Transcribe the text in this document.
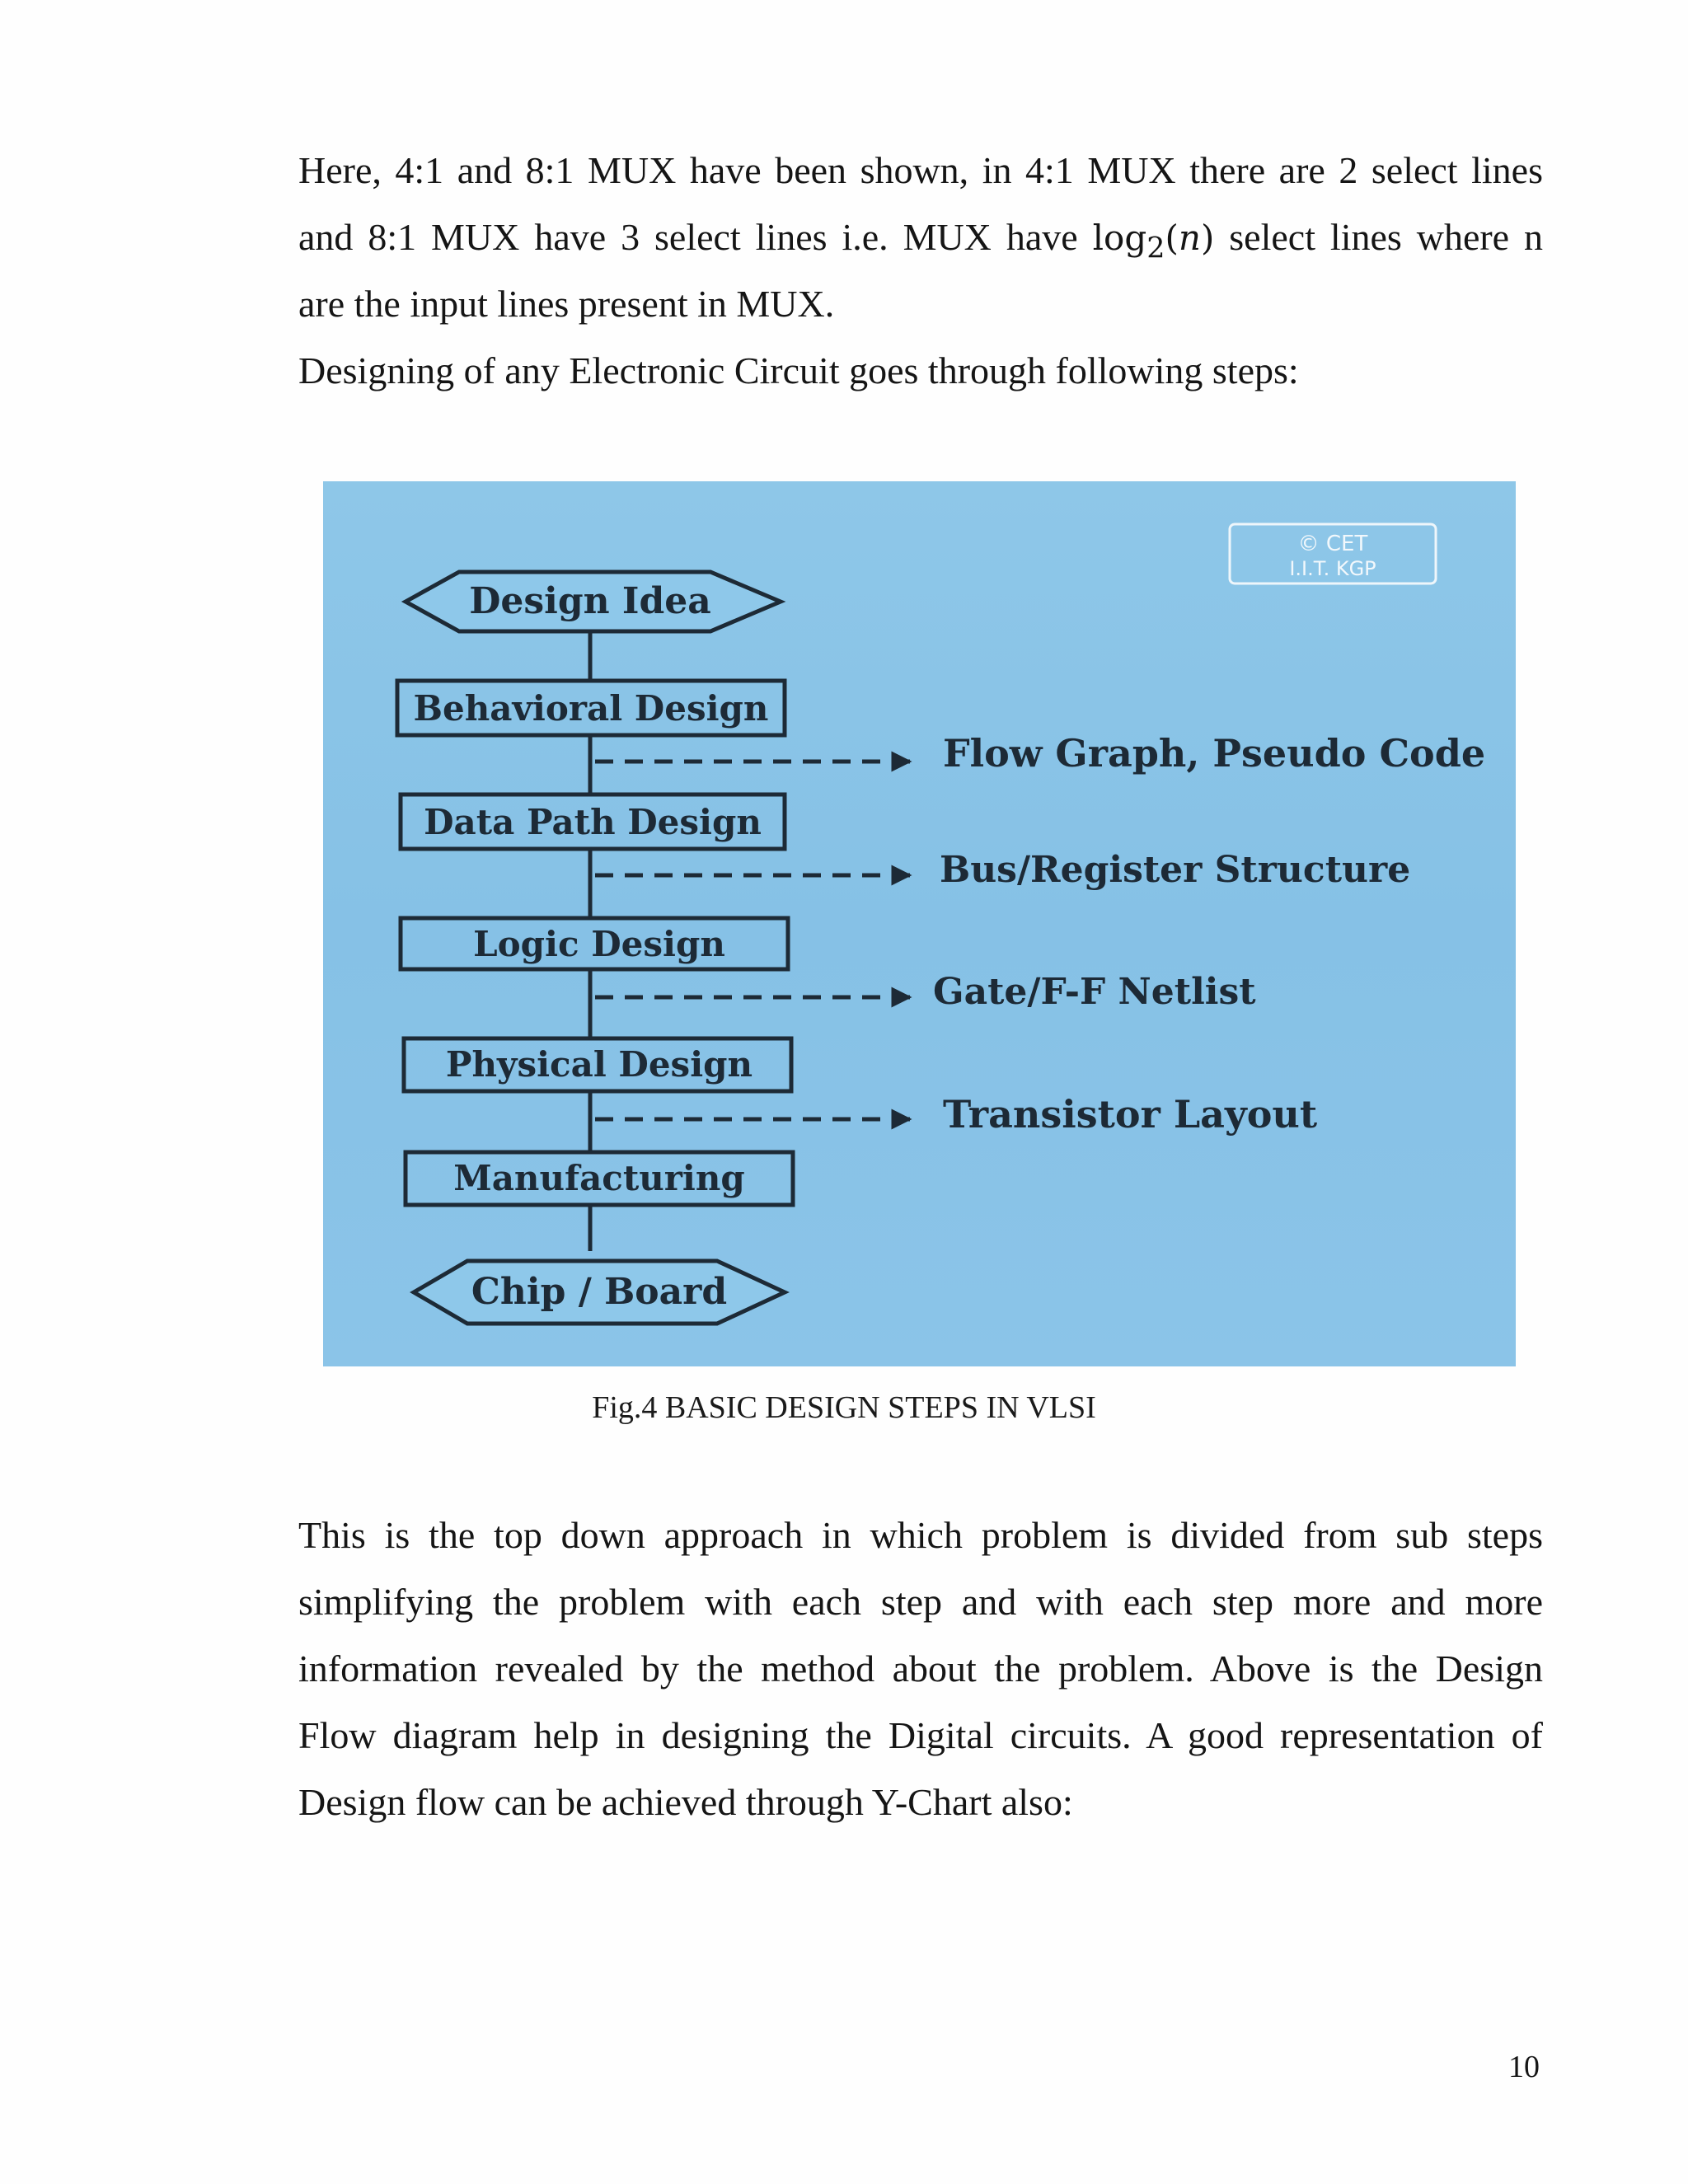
Here, 4:1 and 8:1 MUX have been shown, in 4:1 MUX there are 2 select lines
and 8:1 MUX have 3 select lines i.e. MUX have $\log_2(n)$ select lines where n
are the input lines present in MUX.
Designing of any Electronic Circuit goes through following steps:
© CET
I.I.T. KGP
Design Idea
Behavioral Design
Data Path Design
Logic Design
Physical Design
Manufacturing
Chip / Board
Flow Graph, Pseudo Code
Bus/Register Structure
Gate/F-F Netlist
Transistor Layout
Fig.4 BASIC DESIGN STEPS IN VLSI
This is the top down approach in which problem is divided from sub steps
simplifying the problem with each step and with each step more and more
information revealed by the method about the problem. Above is the Design
Flow diagram help in designing the Digital circuits. A good representation of
Design flow can be achieved through Y-Chart also:
10
